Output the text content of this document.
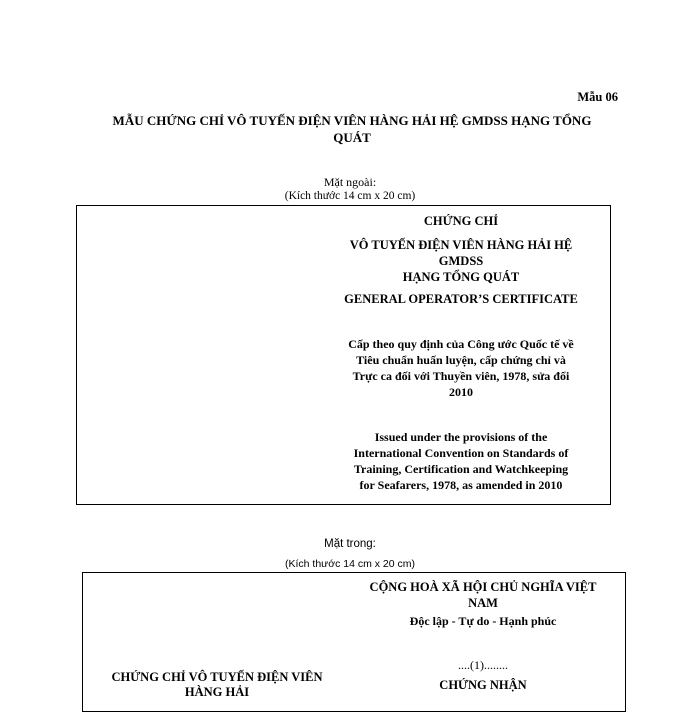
Mẫu 06
MẪU CHỨNG CHỈ VÔ TUYẾN ĐIỆN VIÊN HÀNG HẢI HỆ GMDSS HẠNG TỔNG
QUÁT
Mặt ngoài:
(Kích thước 14 cm x 20 cm)
CHỨNG CHỈ
VÔ TUYẾN ĐIỆN VIÊN HÀNG HẢI HỆ
GMDSS
HẠNG TỔNG QUÁT
GENERAL OPERATOR’S CERTIFICATE
Cấp theo quy định của Công ước Quốc tế về
Tiêu chuẩn huấn luyện, cấp chứng chỉ và
Trực ca đối với Thuyền viên, 1978, sửa đổi
2010
Issued under the provisions of the
International Convention on Standards of
Training, Certification and Watchkeeping
for Seafarers, 1978, as amended in 2010
Mặt trong:
(Kích thước 14 cm x 20 cm)
CỘNG HOÀ XÃ HỘI CHỦ NGHĨA VIỆT
NAM
Độc lập - Tự do - Hạnh phúc
....(1)........
CHỨNG NHẬN
CHỨNG CHỈ VÔ TUYẾN ĐIỆN VIÊN
HÀNG HẢI
